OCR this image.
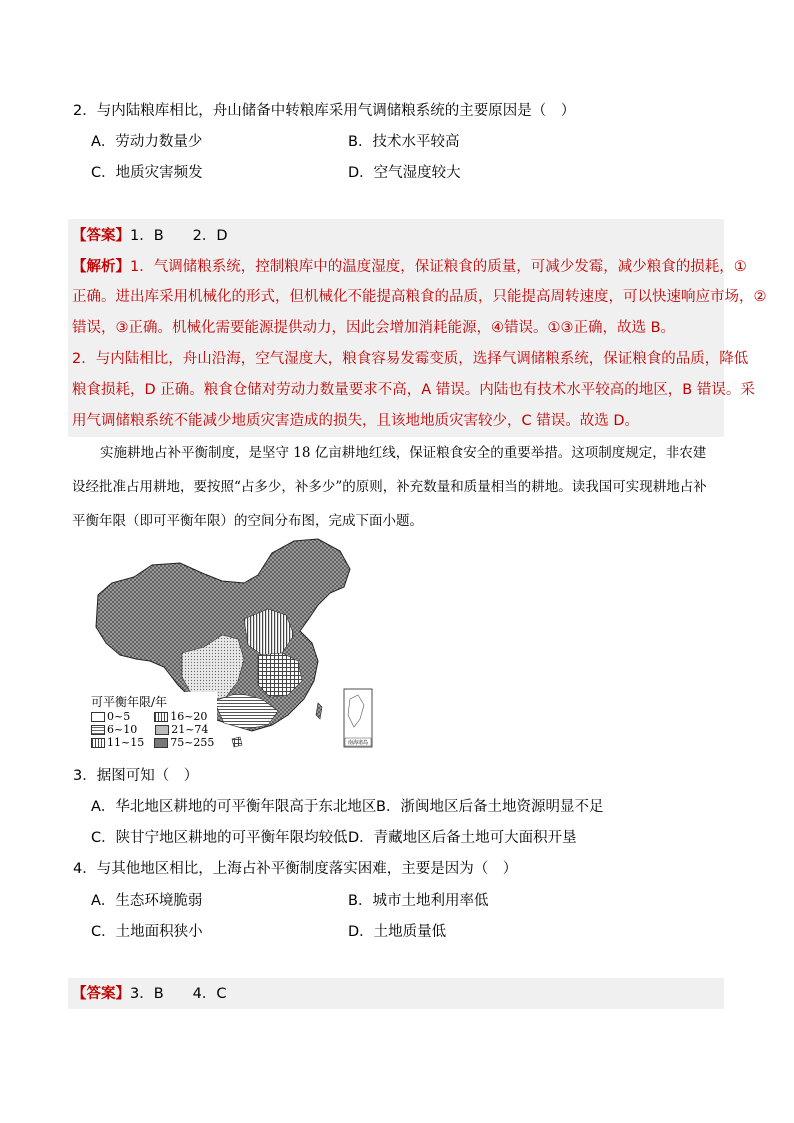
2．与内陆粮库相比，舟山储备中转粮库采用气调储粮系统的主要原因是（　）
A．劳动力数量少	B．技术水平较高
C．地质灾害频发	D．空气湿度较大
【答案】1．B　　2．D
【解析】1．气调储粮系统，控制粮库中的温度湿度，保证粮食的质量，可减少发霉，减少粮食的损耗，①
正确。进出库采用机械化的形式，但机械化不能提高粮食的品质，只能提高周转速度，可以快速响应市场，②
错误，③正确。机械化需要能源提供动力，因此会增加消耗能源，④错误。①③正确，故选 B。
2．与内陆相比，舟山沿海，空气湿度大，粮食容易发霉变质，选择气调储粮系统，保证粮食的品质，降低
粮食损耗，D 正确。粮食仓储对劳动力数量要求不高，A 错误。内陆也有技术水平较高的地区，B 错误。采
用气调储粮系统不能减少地质灾害造成的损失，且该地地质灾害较少，C 错误。故选 D。
实施耕地占补平衡制度，是坚守 18 亿亩耕地红线，保证粮食安全的重要举措。这项制度规定，非农建
设经批准占用耕地，要按照“占多少，补多少”的原则，补充数量和质量相当的耕地。读我国可实现耕地占补
平衡年限（即可平衡年限）的空间分布图，完成下面小题。
可平衡年限/年
0~5	16~20
6~10	21~74
11~15	75~255	南海诸岛
3．据图可知（　）
A．华北地区耕地的可平衡年限高于东北地区 B．浙闽地区后备土地资源明显不足
C．陕甘宁地区耕地的可平衡年限均较低 D．青藏地区后备土地可大面积开垦
4．与其他地区相比，上海占补平衡制度落实困难，主要是因为（　）
A．生态环境脆弱	B．城市土地利用率低
C．土地面积狭小	D．土地质量低
【答案】3．B　　4．C
